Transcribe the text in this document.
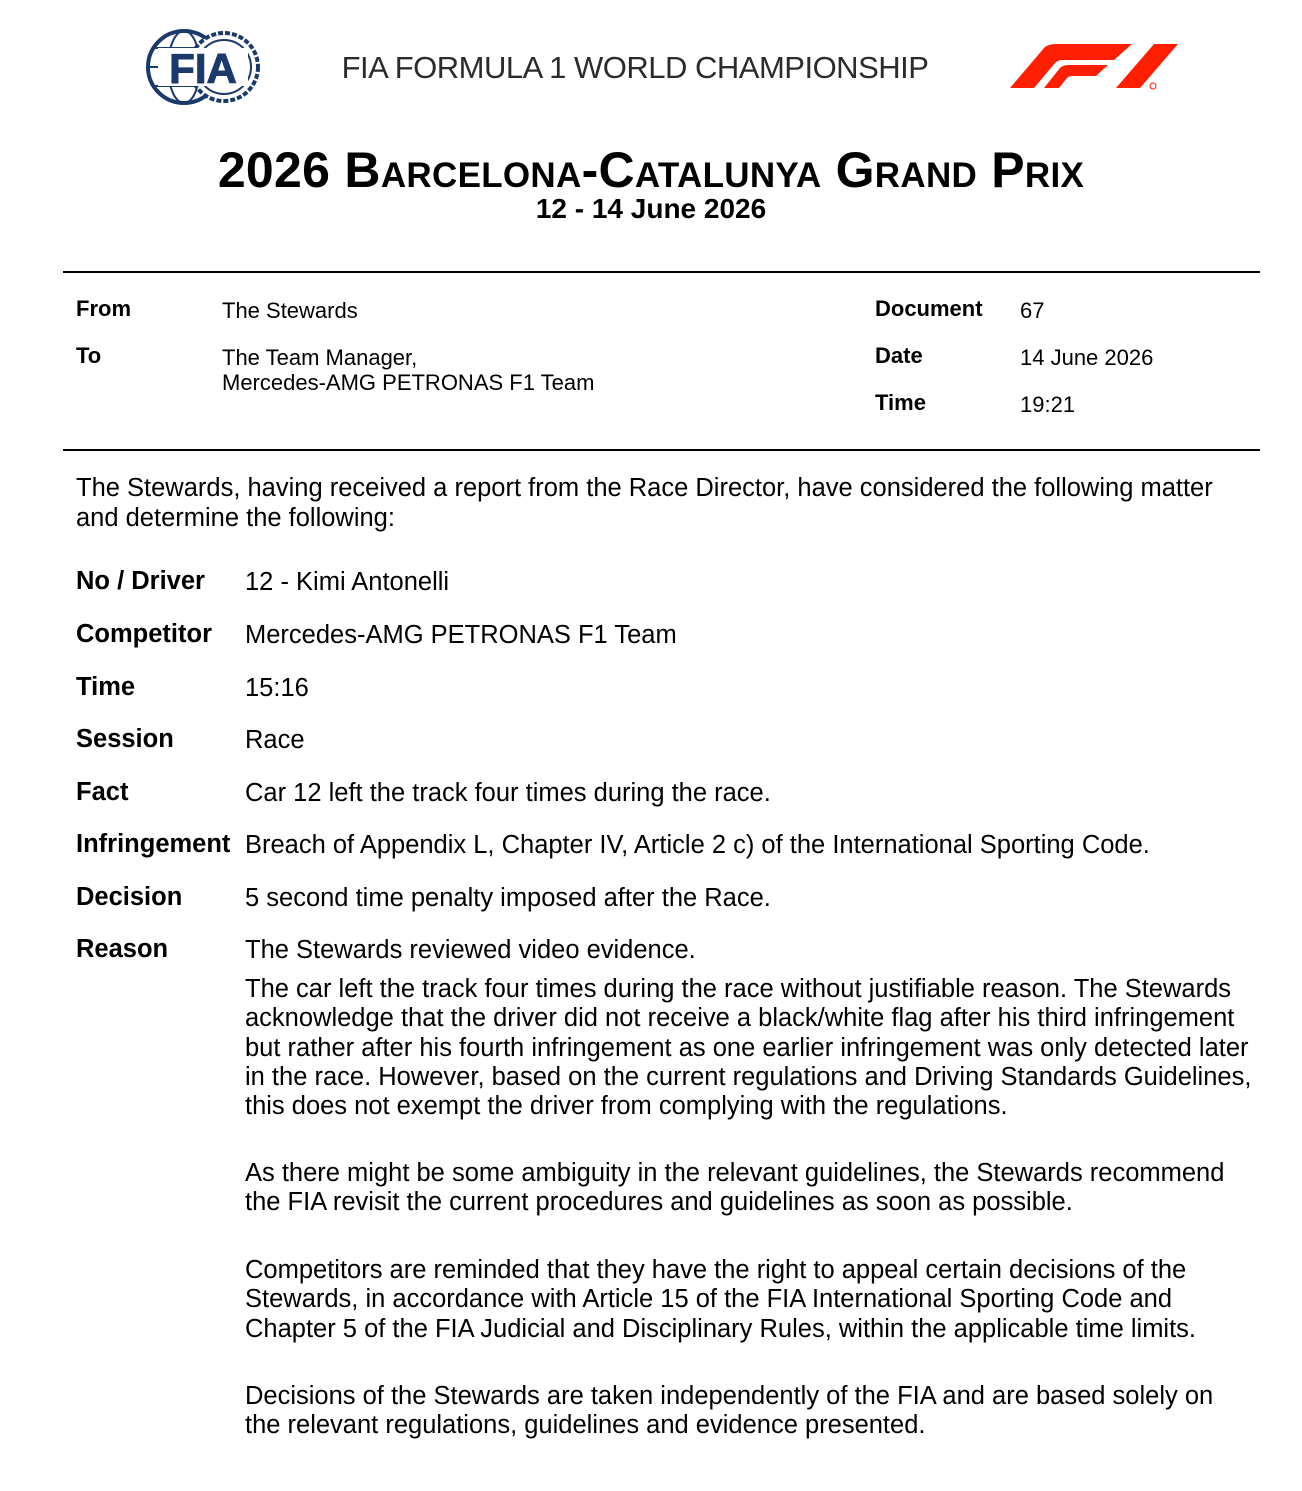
FIA	FIA FORMULA 1 WORLD CHAMPIONSHIP
2026 Barcelona-Catalunya Grand Prix
12 - 14 June 2026
From	The Stewards
To	The Team Manager,
Mercedes-AMG PETRONAS F1 Team
Document 67
Date	14 June 2026
Time	19:21

The Stewards, having received a report from the Race Director, have considered the following matter and determine the following:

No / Driver 12 - Kimi Antonelli
Competitor Mercedes-AMG PETRONAS F1 Team
Time	15:16
Session	Race
Fact	Car 12 left the track four times during the race.
Infringement Breach of Appendix L, Chapter IV, Article 2 c) of the International Sporting Code.
Decision 5 second time penalty imposed after the Race.
Reason	The Stewards reviewed video evidence.

The car left the track four times during the race without justifiable reason. The Stewards acknowledge that the driver did not receive a black/white flag after his third infringement but rather after his fourth infringement as one earlier infringement was only detected later in the race. However, based on the current regulations and Driving Standards Guidelines, this does not exempt the driver from complying with the regulations.

As there might be some ambiguity in the relevant guidelines, the Stewards recommend the FIA revisit the current procedures and guidelines as soon as possible.

Competitors are reminded that they have the right to appeal certain decisions of the Stewards, in accordance with Article 15 of the FIA International Sporting Code and Chapter 5 of the FIA Judicial and Disciplinary Rules, within the applicable time limits.

Decisions of the Stewards are taken independently of the FIA and are based solely on the relevant regulations, guidelines and evidence presented.
